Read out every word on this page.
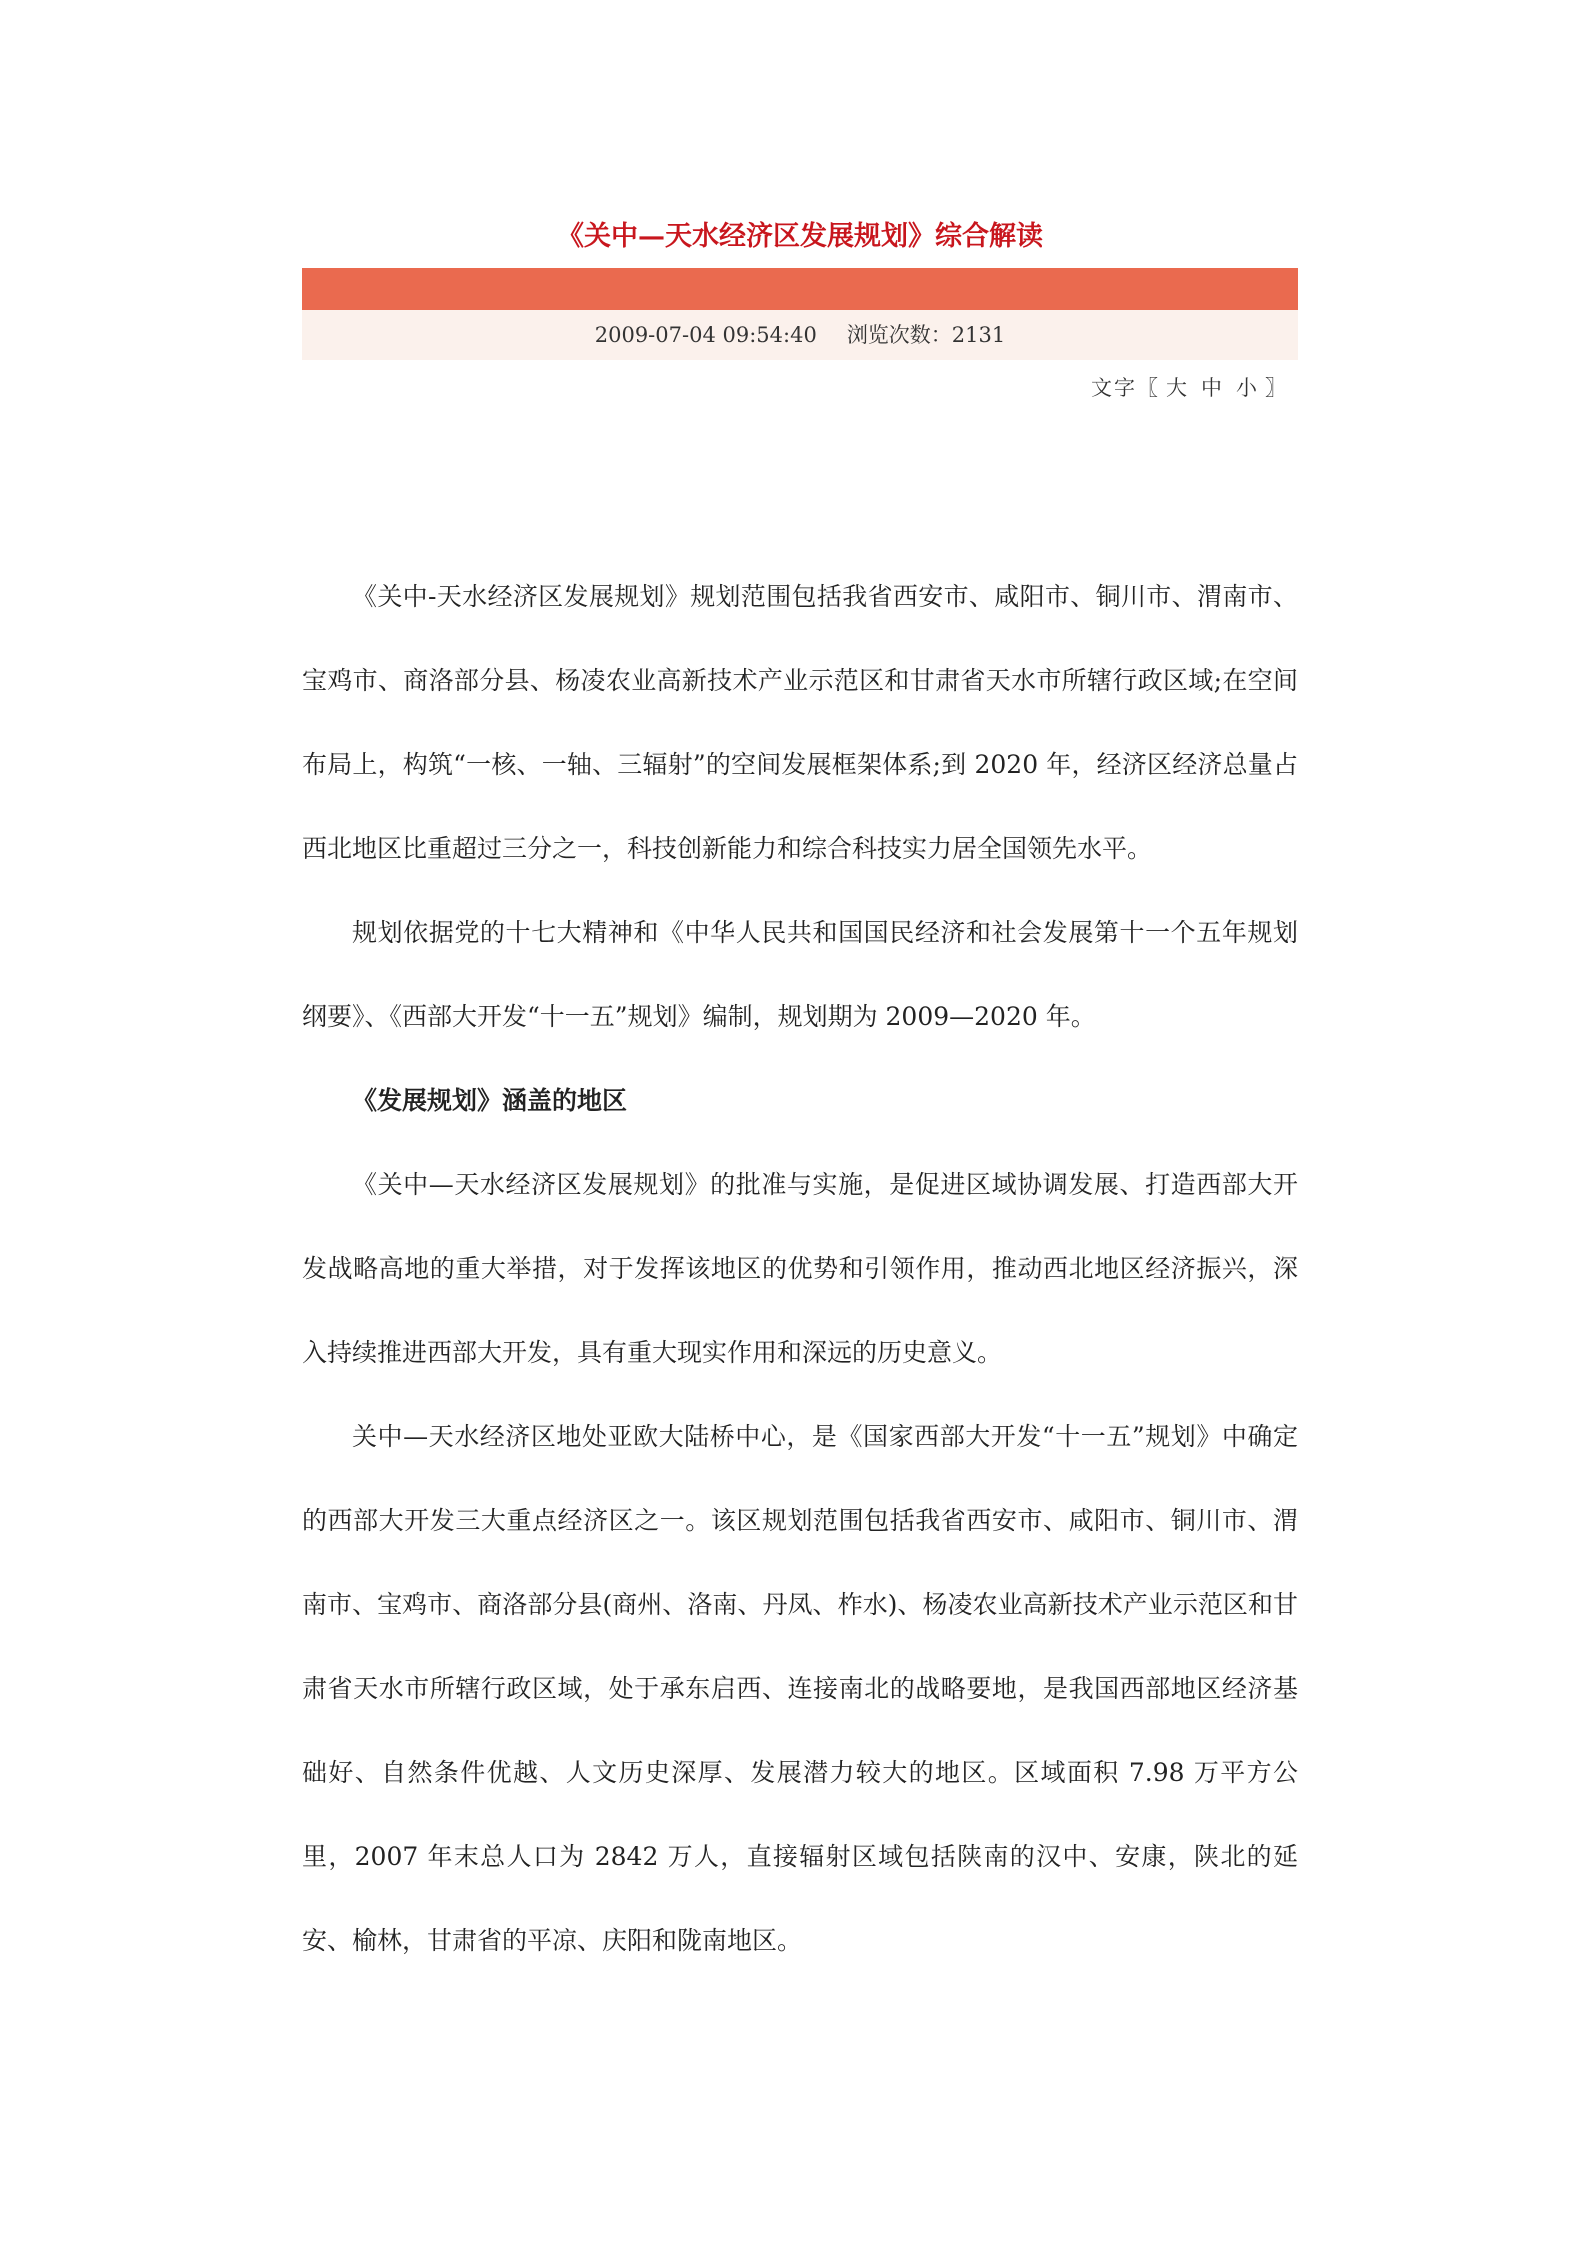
《关中—天水经济区发展规划》综合解读
2009-07-04 09:54:40 浏览次数：2131
文字〖 大 中 小 〗

《关中-天水经济区发展规划》规划范围包括我省西安市、咸阳市、铜川市、渭南市、宝鸡市、商洛部分县、杨凌农业高新技术产业示范区和甘肃省天水市所辖行政区域;在空间布局上，构筑“一核、一轴、三辐射”的空间发展框架体系;到 2020 年，经济区经济总量占西北地区比重超过三分之一，科技创新能力和综合科技实力居全国领先水平。

规划依据党的十七大精神和《中华人民共和国国民经济和社会发展第十一个五年规划纲要》、《西部大开发“十一五”规划》编制，规划期为 2009—2020 年。

《发展规划》涵盖的地区

《关中—天水经济区发展规划》的批准与实施，是促进区域协调发展、打造西部大开发战略高地的重大举措，对于发挥该地区的优势和引领作用，推动西北地区经济振兴，深入持续推进西部大开发，具有重大现实作用和深远的历史意义。

关中—天水经济区地处亚欧大陆桥中心，是《国家西部大开发“十一五”规划》中确定的西部大开发三大重点经济区之一。该区规划范围包括我省西安市、咸阳市、铜川市、渭南市、宝鸡市、商洛部分县(商州、洛南、丹凤、柞水)、杨凌农业高新技术产业示范区和甘肃省天水市所辖行政区域，处于承东启西、连接南北的战略要地，是我国西部地区经济基础好、自然条件优越、人文历史深厚、发展潜力较大的地区。区域面积 7.98 万平方公里，2007 年末总人口为 2842 万人，直接辐射区域包括陕南的汉中、安康，陕北的延安、榆林，甘肃省的平凉、庆阳和陇南地区。
